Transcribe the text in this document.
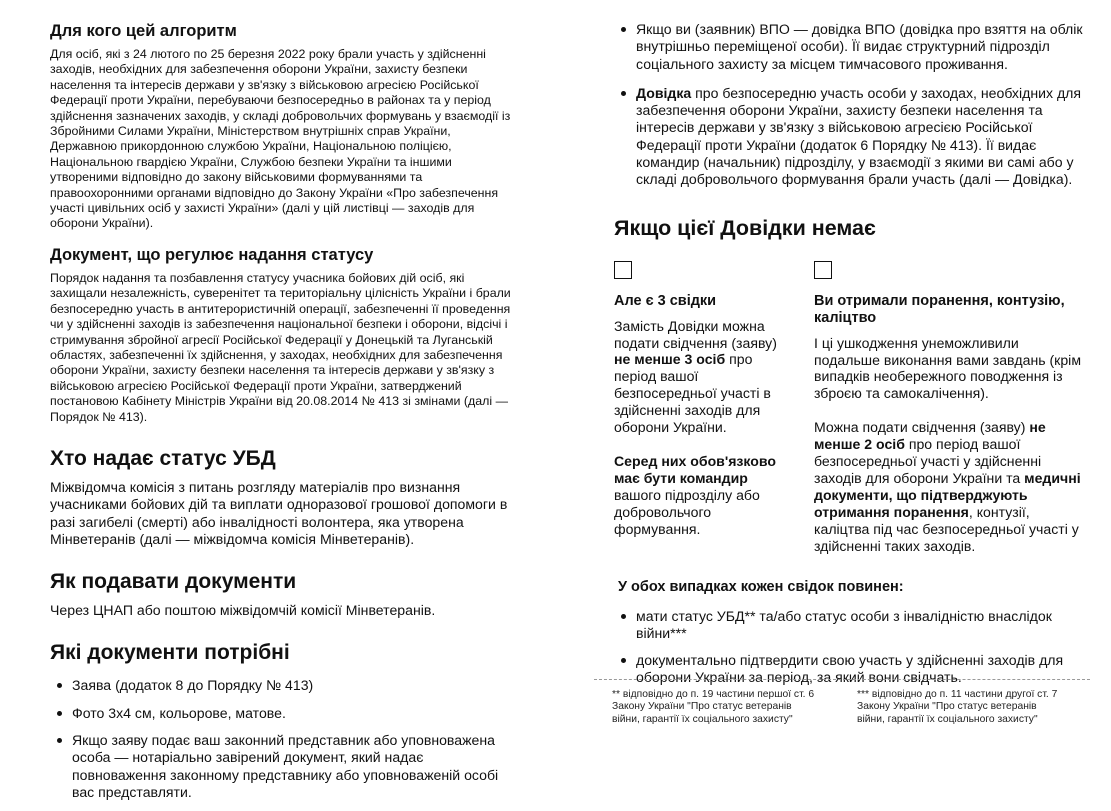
Для кого цей алгоритм

Для осіб, які з 24 лютого по 25 березня 2022 року брали участь у здійсненні заходів, необхідних для забезпечення оборони України, захисту безпеки населення та інтересів держави у зв'язку з військовою агресією Російської Федерації проти України, перебуваючи безпосередньо в районах та у період здійснення зазначених заходів, у складі добровольчих формувань у взаємодії із Збройними Силами України, Міністерством внутрішніх справ України, Державною прикордонною службою України, Національною поліцією, Національною гвардією України, Службою безпеки України та іншими утвореними відповідно до закону військовими формуваннями та правоохоронними органами відповідно до Закону України «Про забезпечення участі цивільних осіб у захисті України» (далі у цій листівці — заходів для оборони України).

Документ, що регулює надання статусу

Порядок надання та позбавлення статусу учасника бойових дій осіб, які захищали незалежність, суверенітет та територіальну цілісність України і брали безпосередню участь в антитерористичній операції, забезпеченні її проведення чи у здійсненні заходів із забезпечення національної безпеки і оборони, відсічі і стримування збройної агресії Російської Федерації у Донецькій та Луганській областях, забезпеченні їх здійснення, у заходах, необхідних для забезпечення оборони України, захисту безпеки населення та інтересів держави у зв'язку з військовою агресією Російської Федерації проти України, затверджений постановою Кабінету Міністрів України від 20.08.2014 № 413 зі змінами (далі — Порядок № 413).

Хто надає статус УБД

Міжвідомча комісія з питань розгляду матеріалів про визнання учасниками бойових дій та виплати одноразової грошової допомоги в разі загибелі (смерті) або інвалідності волонтера, яка утворена Мінветеранів (далі — міжвідомча комісія Мінветеранів).

Як подавати документи

Через ЦНАП або поштою міжвідомчій комісії Мінветеранів.

Які документи потрібні
Заява (додаток 8 до Порядку № 413)
Фото 3х4 см, кольорове, матове.
Якщо заяву подає ваш законний представник або уповноважена особа — нотаріально завірений документ, який надає повноваження законному представнику або уповноваженій особі вас представляти.
Якщо ви (заявник) ВПО — довідка ВПО (довідка про взяття на облік внутрішньо переміщеної особи). Її видає структурний підрозділ соціального захисту за місцем тимчасового проживання.
Довідка про безпосередню участь особи у заходах, необхідних для забезпечення оборони України, захисту безпеки населення та інтересів держави у зв'язку з військовою агресією Російської Федерації проти України (додаток 6 Порядку № 413). Її видає командир (начальник) підрозділу, у взаємодії з якими ви самі або у складі добровольчого формування брали участь (далі — Довідка).
Якщо цієї Довідки немає
Але є 3 свідки

Замість Довідки можна подати свідчення (заяву) не менше 3 осіб про період вашої безпосередньої участі в здійсненні заходів для оборони України.

Серед них обов'язково має бути командир вашого підрозділу або добровольчого формування.

Ви отримали поранення, контузію, каліцтво

І ці ушкодження унеможливили подальше виконання вами завдань (крім випадків необережного поводження із зброєю та самокалічення).

Можна подати свідчення (заяву) не менше 2 осіб про період вашої безпосередньої участі у здійсненні заходів для оборони України та медичні документи, що підтверджують отримання поранення, контузії, каліцтва під час безпосередньої участі у здійсненні таких заходів.

У обох випадках кожен свідок повинен:
мати статус УБД** та/або статус особи з інвалідністю внаслідок війни***
документально підтвердити свою участь у здійсненні заходів для оборони України за період, за який вони свідчать.
** відповідно до п. 19 частини першої ст. 6 Закону України "Про статус ветеранів війни, гарантії їх соціального захисту"
*** відповідно до п. 11 частини другої ст. 7 Закону України "Про статус ветеранів війни, гарантії їх соціального захисту"
